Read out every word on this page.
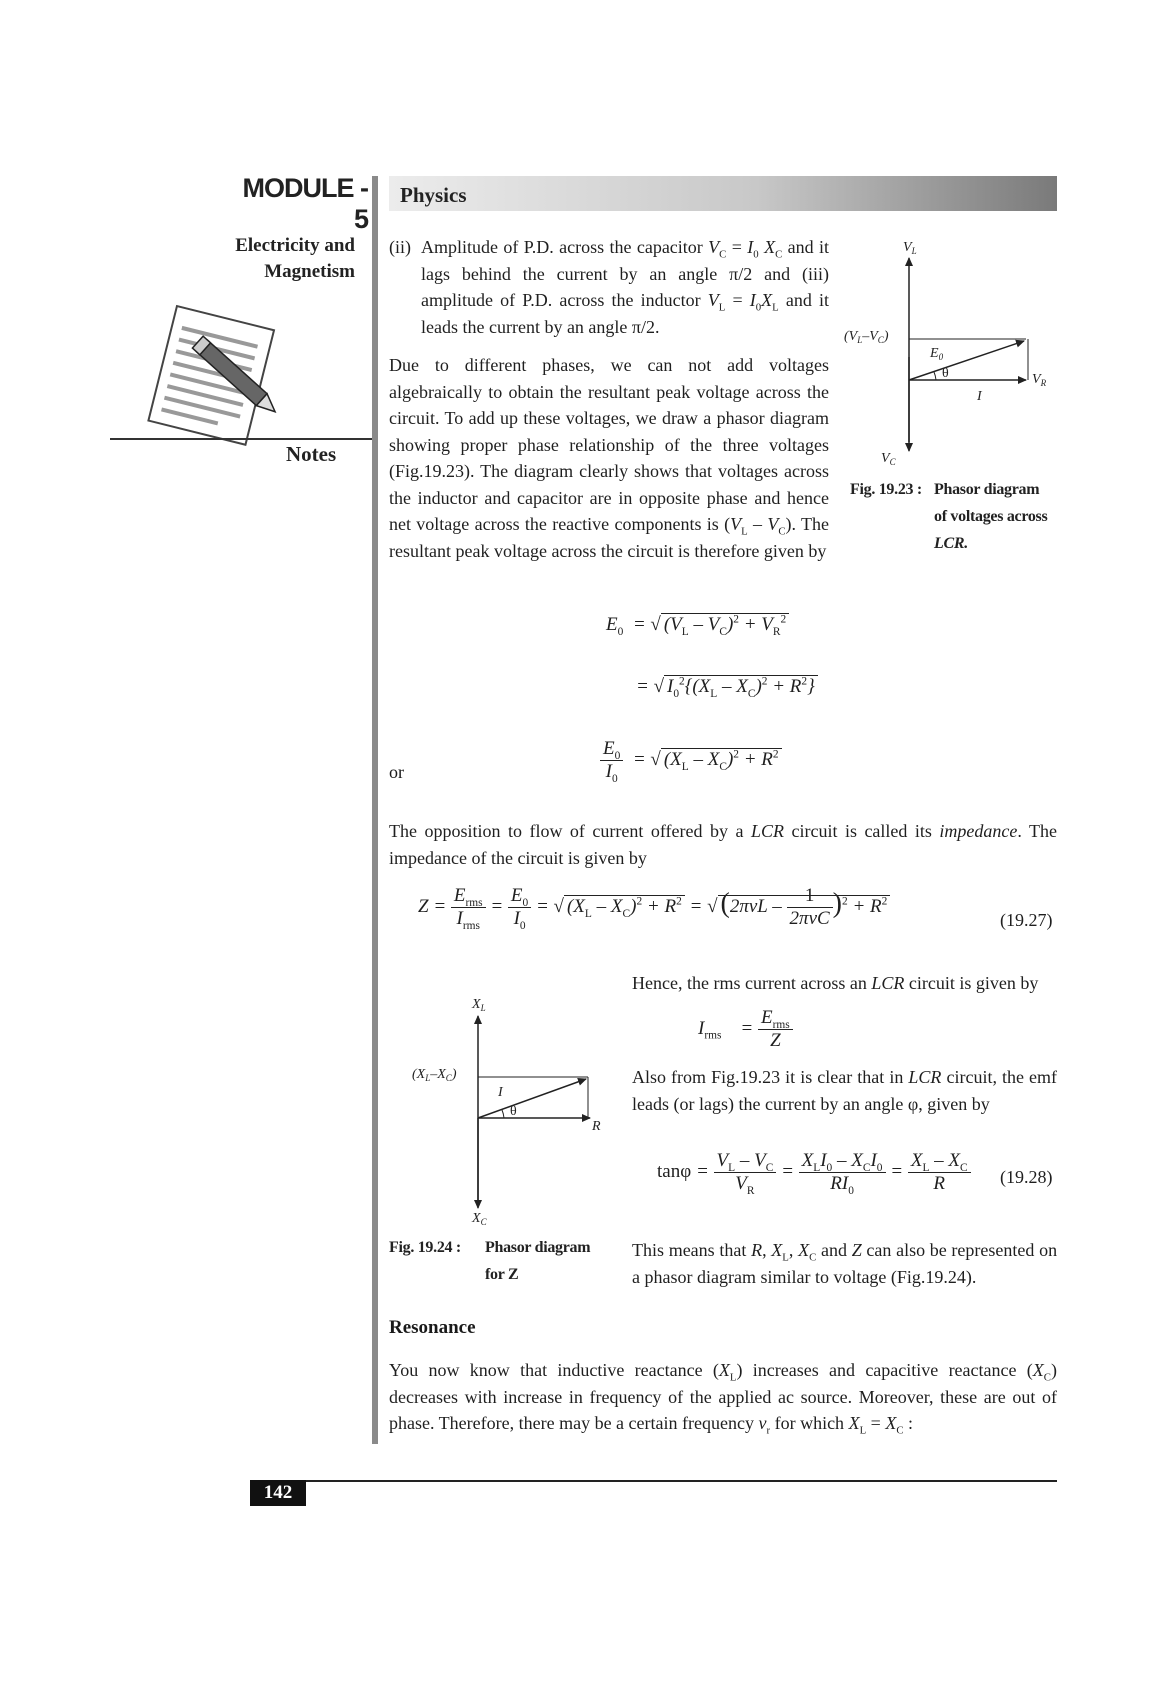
MODULE - 5
Physics
Electricity and
Magnetism
Notes
(ii) Amplitude of P.D. across the capacitor $V_C = I_0$ $X_C$ and it lags behind the current by an angle π/2 and (iii) amplitude of P.D. across the inductor $V_L = I_0X_L$ and it leads the current by an angle π/2.
Due to different phases, we can not add voltages algebraically to obtain the resultant peak voltage across the circuit. To add up these voltages, we draw a phasor diagram showing proper phase relationship of the three voltages (Fig.19.23). The diagram clearly shows that voltages across the inductor and capacitor are in opposite phase and hence net voltage across the reactive components is $(V_L - V_C)$. The resultant peak voltage across the circuit is therefore given by
$V_L$
$(V_L-V_C)$
$E_0$
θ
I
$V_R$
$V_C$
Fig. 19.23 : Phasor diagram
of voltages across
LCR.
$E_0$  = √ $(V_L - V_C)^2 + V_R^2$
= √ $I_0^2\{(X_L - X_C)^2 + R^2\}$
or	$\frac{E_0}{I_0}$ = √ $(X_L - X_C)^2 + R^2$
The opposition to flow of current offered by a LCR circuit is called its impedance. The impedance of the circuit is given by
$Z = \frac{E_{rms}}{I_{rms}} = \frac{E_0}{I_0}$ = √ $(X_L - X_C)^2 + R^2$ = √ $(2\pi\nu L - \frac{1}{\text{2πνC}} )^2 + R^2$
(19.27)
Hence, the rms current across an LCR circuit is given by
$I_{rms}$    = $\frac{E_{rms}}{Z}$
Also from Fig.19.23 it is clear that in LCR circuit, the emf leads (or lags) the current by an angle φ, given by
$\tan\varphi = \frac{V_L - V_C}{V_R} = \frac{X_LI_0 - X_CI_0}{RI_0} = \frac{X_L - X_C}{R} (19.28)$
$X_L$
$(X_L-X_C)$
I
θ
R
$X_C$
Fig. 19.24 : Phasor diagram
for Z
This means that R, $X_L$, $X_C$ and Z can also be represented on a phasor diagram similar to voltage (Fig.19.24).
Resonance
You now know that inductive reactance $(X_L)$ increases and capacitive reactance $(X_C)$ decreases with increase in frequency of the applied ac source. Moreover, these are out of phase. Therefore, there may be a certain frequency $\nu_r$ for which $X_L = X_C$ :
142
